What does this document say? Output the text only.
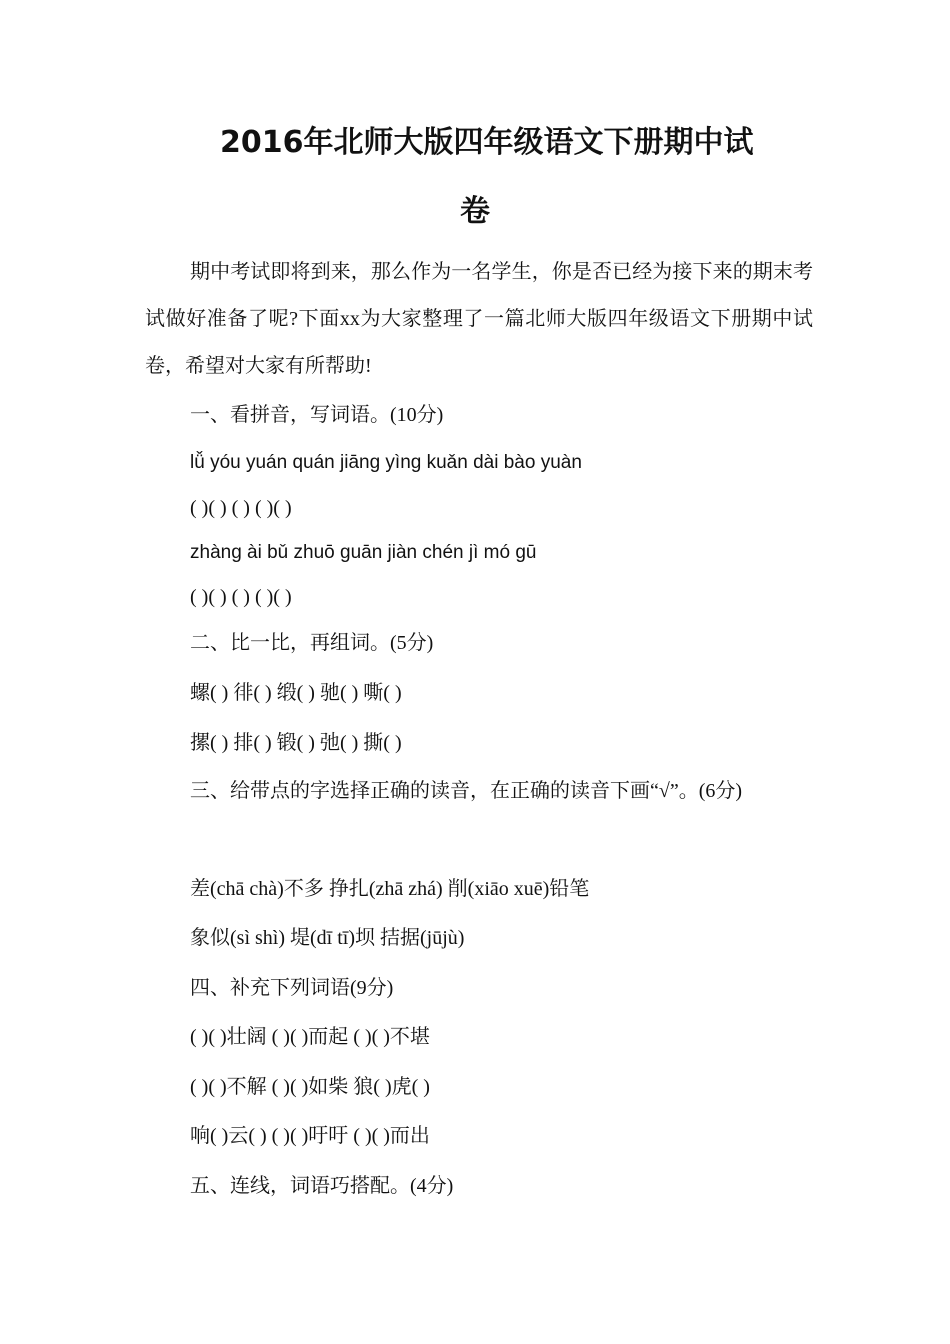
2016年北师大版四年级语文下册期中试
卷

期中考试即将到来，那么作为一名学生，你是否已经为接下来的期末考试做好准备了呢?下面xx为大家整理了一篇北师大版四年级语文下册期中试卷，希望对大家有所帮助!

一、看拼音，写词语。(10分)

lǚ yóu yuán quán jiāng yìng kuǎn dài bào yuàn

( )( ) ( ) ( )( )

zhàng ài bǔ zhuō guān jiàn chén jì mó gū

( )( ) ( ) ( )( )

二、比一比，再组词。(5分)

螺( ) 徘( ) 缎( ) 驰( ) 嘶( )

摞( ) 排( ) 锻( ) 弛( ) 撕( )

三、给带点的字选择正确的读音，在正确的读音下画“√”。(6分)

差(chā chà)不多 挣扎(zhā zhá) 削(xiāo xuē)铅笔

象似(sì shì) 堤(dī tī)坝 拮据(jūjù)

四、补充下列词语(9分)

( )( )壮阔 ( )( )而起 ( )( )不堪

( )( )不解 ( )( )如柴 狼( )虎( )

响( )云( ) ( )( )吁吁 ( )( )而出

五、连线，词语巧搭配。(4分)
